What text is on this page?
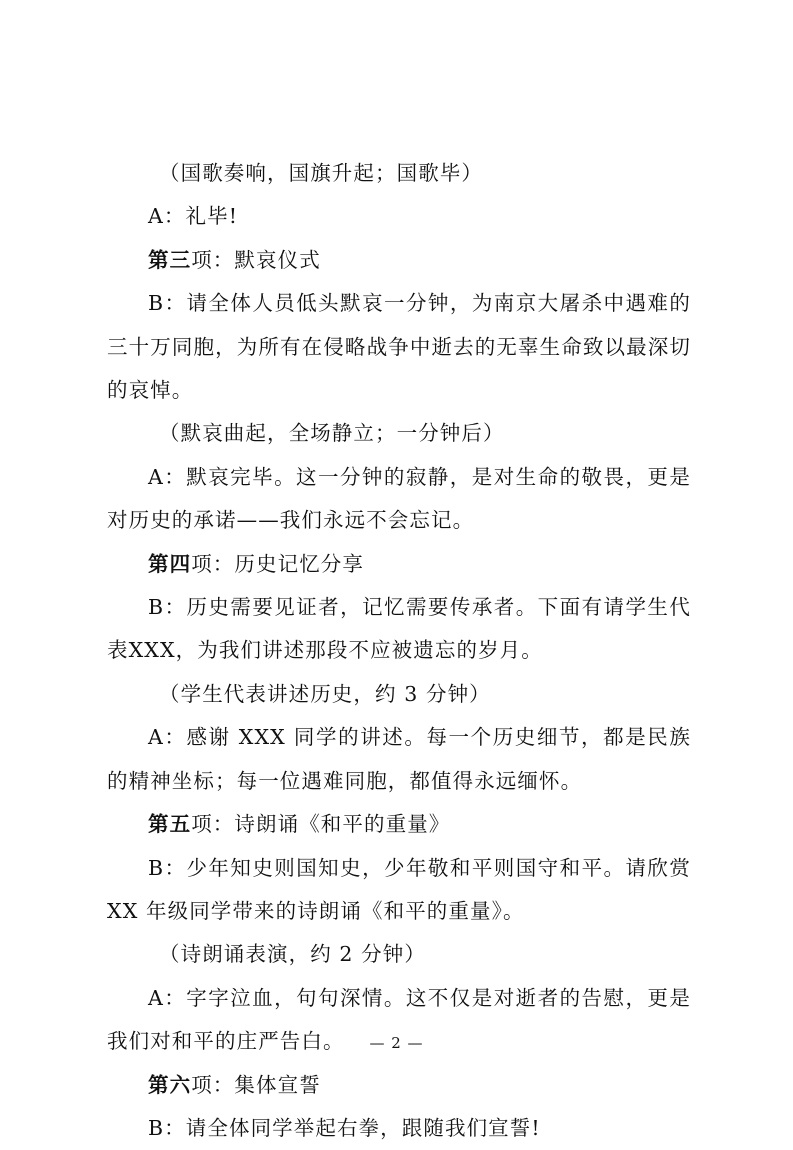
（国歌奏响，国旗升起；国歌毕）

A：礼毕!

第三项：默哀仪式

B：请全体人员低头默哀一分钟，为南京大屠杀中遇难的三十万同胞，为所有在侵略战争中逝去的无辜生命致以最深切的哀悼。

（默哀曲起，全场静立；一分钟后）

A：默哀完毕。这一分钟的寂静，是对生命的敬畏，更是对历史的承诺——我们永远不会忘记。

第四项：历史记忆分享

B：历史需要见证者，记忆需要传承者。下面有请学生代表XXX，为我们讲述那段不应被遗忘的岁月。

（学生代表讲述历史，约 3 分钟）

A：感谢 XXX 同学的讲述。每一个历史细节，都是民族的精神坐标；每一位遇难同胞，都值得永远缅怀。

第五项：诗朗诵《和平的重量》

B：少年知史则国知史，少年敬和平则国守和平。请欣赏XX 年级同学带来的诗朗诵《和平的重量》。

（诗朗诵表演，约 2 分钟）

A：字字泣血，句句深情。这不仅是对逝者的告慰，更是我们对和平的庄严告白。

第六项：集体宣誓

B：请全体同学举起右拳，跟随我们宣誓!

— 2 —
